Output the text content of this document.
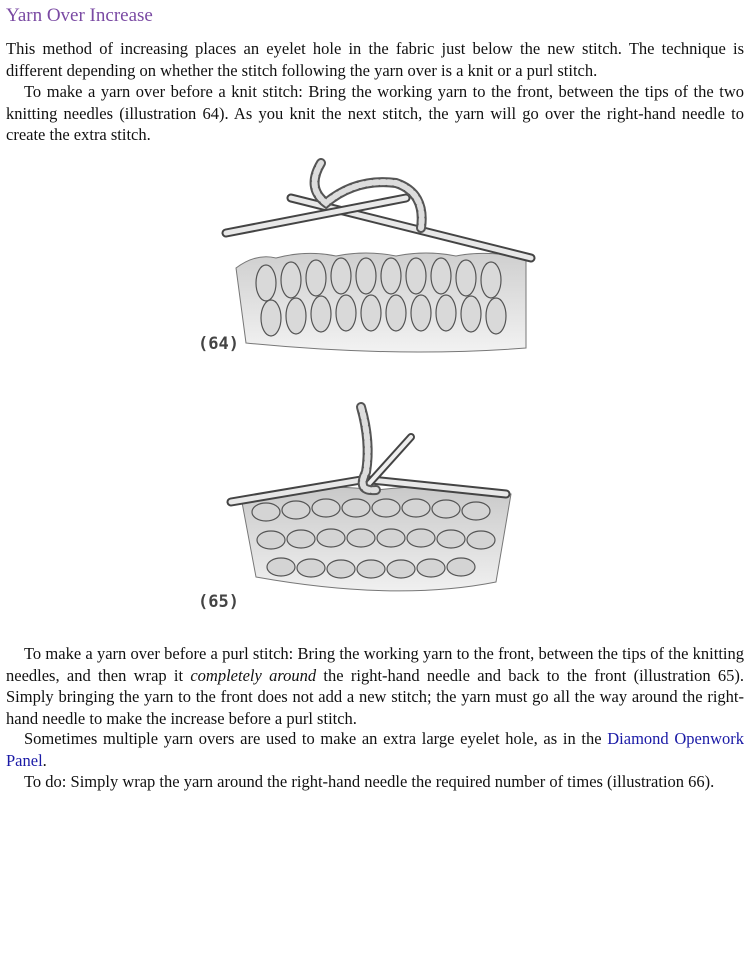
Yarn Over Increase

This method of increasing places an eyelet hole in the fabric just below the new stitch. The technique is different depending on whether the stitch following the yarn over is a knit or a purl stitch.

To make a yarn over before a knit stitch: Bring the working yarn to the front, between the tips of the two knitting needles (illustration 64). As you knit the next stitch, the yarn will go over the right-hand needle to create the extra stitch.

(64)
(65)

To make a yarn over before a purl stitch: Bring the working yarn to the front, between the tips of the knitting needles, and then wrap it completely around the right-hand needle and back to the front (illustration 65). Simply bringing the yarn to the front does not add a new stitch; the yarn must go all the way around the right-hand needle to make the increase before a purl stitch.

Sometimes multiple yarn overs are used to make an extra large eyelet hole, as in the Diamond Openwork Panel.

To do: Simply wrap the yarn around the right-hand needle the required number of times (illustration 66).
